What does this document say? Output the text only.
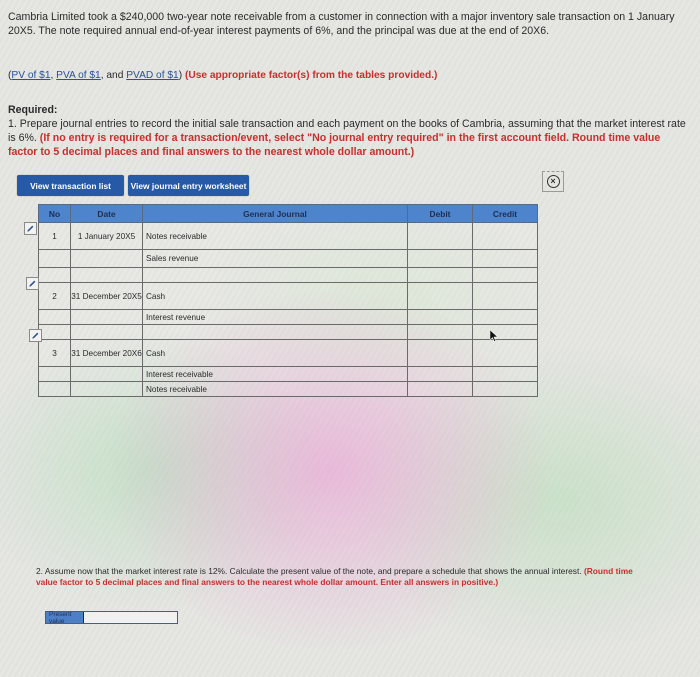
Cambria Limited took a $240,000 two-year note receivable from a customer in connection with a major inventory sale transaction on 1 January 20X5. The note required annual end-of-year interest payments of 6%, and the principal was due at the end of 20X6.
(PV of $1, PVA of $1, and PVAD of $1) (Use appropriate factor(s) from the tables provided.)
Required:
1. Prepare journal entries to record the initial sale transaction and each payment on the books of Cambria, assuming that the market interest rate is 6%. (If no entry is required for a transaction/event, select "No journal entry required" in the first account field. Round time value factor to 5 decimal places and final answers to the nearest whole dollar amount.)
View transaction list	View journal entry worksheet	×
No	Date	General Journal	Debit	Credit
1	1 January 20X5	Notes receivable		
		Sales revenue		

2	31 December 20X5	Cash		
		Interest revenue		

3	31 December 20X6	Cash		
		Interest receivable		
		Notes receivable		
2. Assume now that the market interest rate is 12%. Calculate the present value of the note, and prepare a schedule that shows the annual interest. (Round time value factor to 5 decimal places and final answers to the nearest whole dollar amount. Enter all answers in positive.)
Present value
